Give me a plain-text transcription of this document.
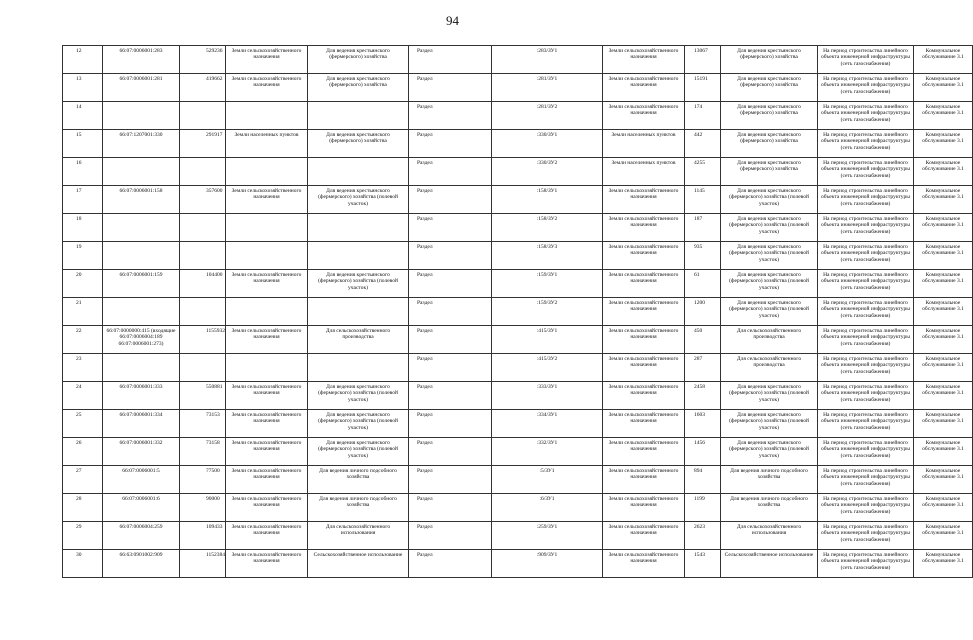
94
12	66:07:0006001:283	529236	Земли сельскохозяйственного назначения	Для ведения крестьянского (фермерского) хозяйства	Раздел	:283/ЗУ1	Земли сельскохозяйственного назначения	13067	Для ведения крестьянского (фермерского) хозяйства	На период строительства линейного объекта инженерной инфраструктуры (сеть газоснабжения)	Коммунальное обслуживание 3.1
13	66:07:0006001:281	419662	Земли сельскохозяйственного назначения	Для ведения крестьянского (фермерского) хозяйства	Раздел	:281/ЗУ1	Земли сельскохозяйственного назначения	15191	Для ведения крестьянского (фермерского) хозяйства	На период строительства линейного объекта инженерной инфраструктуры (сеть газоснабжения)	Коммунальное обслуживание 3.1
14					Раздел	:281/ЗУ2	Земли сельскохозяйственного назначения	174	Для ведения крестьянского (фермерского) хозяйства	На период строительства линейного объекта инженерной инфраструктуры (сеть газоснабжения)	Коммунальное обслуживание 3.1
15	66:07:1207001:330	291917	Земли населенных пунктов	Для ведения крестьянского (фермерского) хозяйства	Раздел	:330/ЗУ1	Земли населенных пунктов	442	Для ведения крестьянского (фермерского) хозяйства	На период строительства линейного объекта инженерной инфраструктуры (сеть газоснабжения)	Коммунальное обслуживание 3.1
16					Раздел	:330/ЗУ2	Земли населенных пунктов	4255	Для ведения крестьянского (фермерского) хозяйства	На период строительства линейного объекта инженерной инфраструктуры (сеть газоснабжения)	Коммунальное обслуживание 3.1
17	66:07:0006001:158	357600	Земли сельскохозяйственного назначения	Для ведения крестьянского (фермерского) хозяйства (полевой участок)	Раздел	:158/ЗУ1	Земли сельскохозяйственного назначения	1145	Для ведения крестьянского (фермерского) хозяйства (полевой участок)	На период строительства линейного объекта инженерной инфраструктуры (сеть газоснабжения)	Коммунальное обслуживание 3.1
18					Раздел	:158/ЗУ2	Земли сельскохозяйственного назначения	187	Для ведения крестьянского (фермерского) хозяйства (полевой участок)	На период строительства линейного объекта инженерной инфраструктуры (сеть газоснабжения)	Коммунальное обслуживание 3.1
19					Раздел	:158/ЗУ3	Земли сельскохозяйственного назначения	935	Для ведения крестьянского (фермерского) хозяйства (полевой участок)	На период строительства линейного объекта инженерной инфраструктуры (сеть газоснабжения)	Коммунальное обслуживание 3.1
20	66:07:0006001:159	104400	Земли сельскохозяйственного назначения	Для ведения крестьянского (фермерского) хозяйства (полевой участок)	Раздел	:159/ЗУ1	Земли сельскохозяйственного назначения	61	Для ведения крестьянского (фермерского) хозяйства (полевой участок)	На период строительства линейного объекта инженерной инфраструктуры (сеть газоснабжения)	Коммунальное обслуживание 3.1
21					Раздел	:159/ЗУ2	Земли сельскохозяйственного назначения	1200	Для ведения крестьянского (фермерского) хозяйства (полевой участок)	На период строительства линейного объекта инженерной инфраструктуры (сеть газоснабжения)	Коммунальное обслуживание 3.1
22	66:07:0000000:415 (входящие 66:07:0006004:189 66:07:0006001:273)	1155932	Земли сельскохозяйственного назначения	Для сельскохозяйственного производства	Раздел	:415/ЗУ1	Земли сельскохозяйственного назначения	450	Для сельскохозяйственного производства	На период строительства линейного объекта инженерной инфраструктуры (сеть газоснабжения)	Коммунальное обслуживание 3.1
23					Раздел	:415/ЗУ2	Земли сельскохозяйственного назначения	287	Для сельскохозяйственного производства	На период строительства линейного объекта инженерной инфраструктуры (сеть газоснабжения)	Коммунальное обслуживание 3.1
24	66:07:0006001:333	550881	Земли сельскохозяйственного назначения	Для ведения крестьянского (фермерского) хозяйства (полевой участок)	Раздел	:333/ЗУ1	Земли сельскохозяйственного назначения	2458	Для ведения крестьянского (фермерского) хозяйства (полевой участок)	На период строительства линейного объекта инженерной инфраструктуры (сеть газоснабжения)	Коммунальное обслуживание 3.1
25	66:07:0006001:334	73153	Земли сельскохозяйственного назначения	Для ведения крестьянского (фермерского) хозяйства (полевой участок)	Раздел	:334/ЗУ1	Земли сельскохозяйственного назначения	1603	Для ведения крестьянского (фермерского) хозяйства (полевой участок)	На период строительства линейного объекта инженерной инфраструктуры (сеть газоснабжения)	Коммунальное обслуживание 3.1
26	66:07:0006001:332	73158	Земли сельскохозяйственного назначения	Для ведения крестьянского (фермерского) хозяйства (полевой участок)	Раздел	:332/ЗУ1	Земли сельскохозяйственного назначения	1456	Для ведения крестьянского (фермерского) хозяйства (полевой участок)	На период строительства линейного объекта инженерной инфраструктуры (сеть газоснабжения)	Коммунальное обслуживание 3.1
27	66:07:0006001:5	77500	Земли сельскохозяйственного назначения	Для ведения личного подсобного хозяйства	Раздел	:5/ЗУ1	Земли сельскохозяйственного назначения	894	Для ведения личного подсобного хозяйства	На период строительства линейного объекта инженерной инфраструктуры (сеть газоснабжения)	Коммунальное обслуживание 3.1
28	66:07:0006001:6	90000	Земли сельскохозяйственного назначения	Для ведения личного подсобного хозяйства	Раздел	:6/ЗУ1	Земли сельскохозяйственного назначения	1199	Для ведения личного подсобного хозяйства	На период строительства линейного объекта инженерной инфраструктуры (сеть газоснабжения)	Коммунальное обслуживание 3.1
29	66:07:0006004:259	109433	Земли сельскохозяйственного назначения	Для сельскохозяйственного использования	Раздел	:259/ЗУ1	Земли сельскохозяйственного назначения	2623	Для сельскохозяйственного использования	На период строительства линейного объекта инженерной инфраструктуры (сеть газоснабжения)	Коммунальное обслуживание 3.1
30	66:63:0901002:909	1152384	Земли сельскохозяйственного назначения	Сельскохозяйственное использование	Раздел	:909/ЗУ1	Земли сельскохозяйственного назначения	1543	Сельскохозяйственное использование	На период строительства линейного объекта инженерной инфраструктуры (сеть газоснабжения)	Коммунальное обслуживание 3.1
